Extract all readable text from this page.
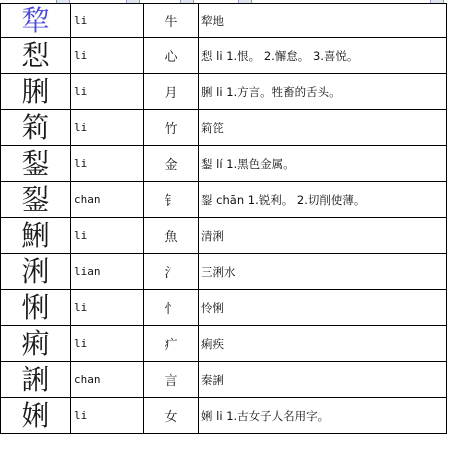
犂	li	牛	犂地
悡	li	心	悡 li 1.恨。 2.懈怠。 3.喜悦。
脷	li	月	脷 li 1.方言。牲畜的舌头。
筣	li	竹	筣笓
鋫	li	金	鋫 lí 1.黑色金属。
銐	chan	钅	銐 chān 1.锐利。 2.切削使薄。
鯏	li	魚	清浰
浰	lian	氵	三浰水
悧	li	忄	怜悧
痢	li	疒	痢疾
誗	chan	言	秦誗
娳	li	女	娳 li 1.古女子人名用字。
